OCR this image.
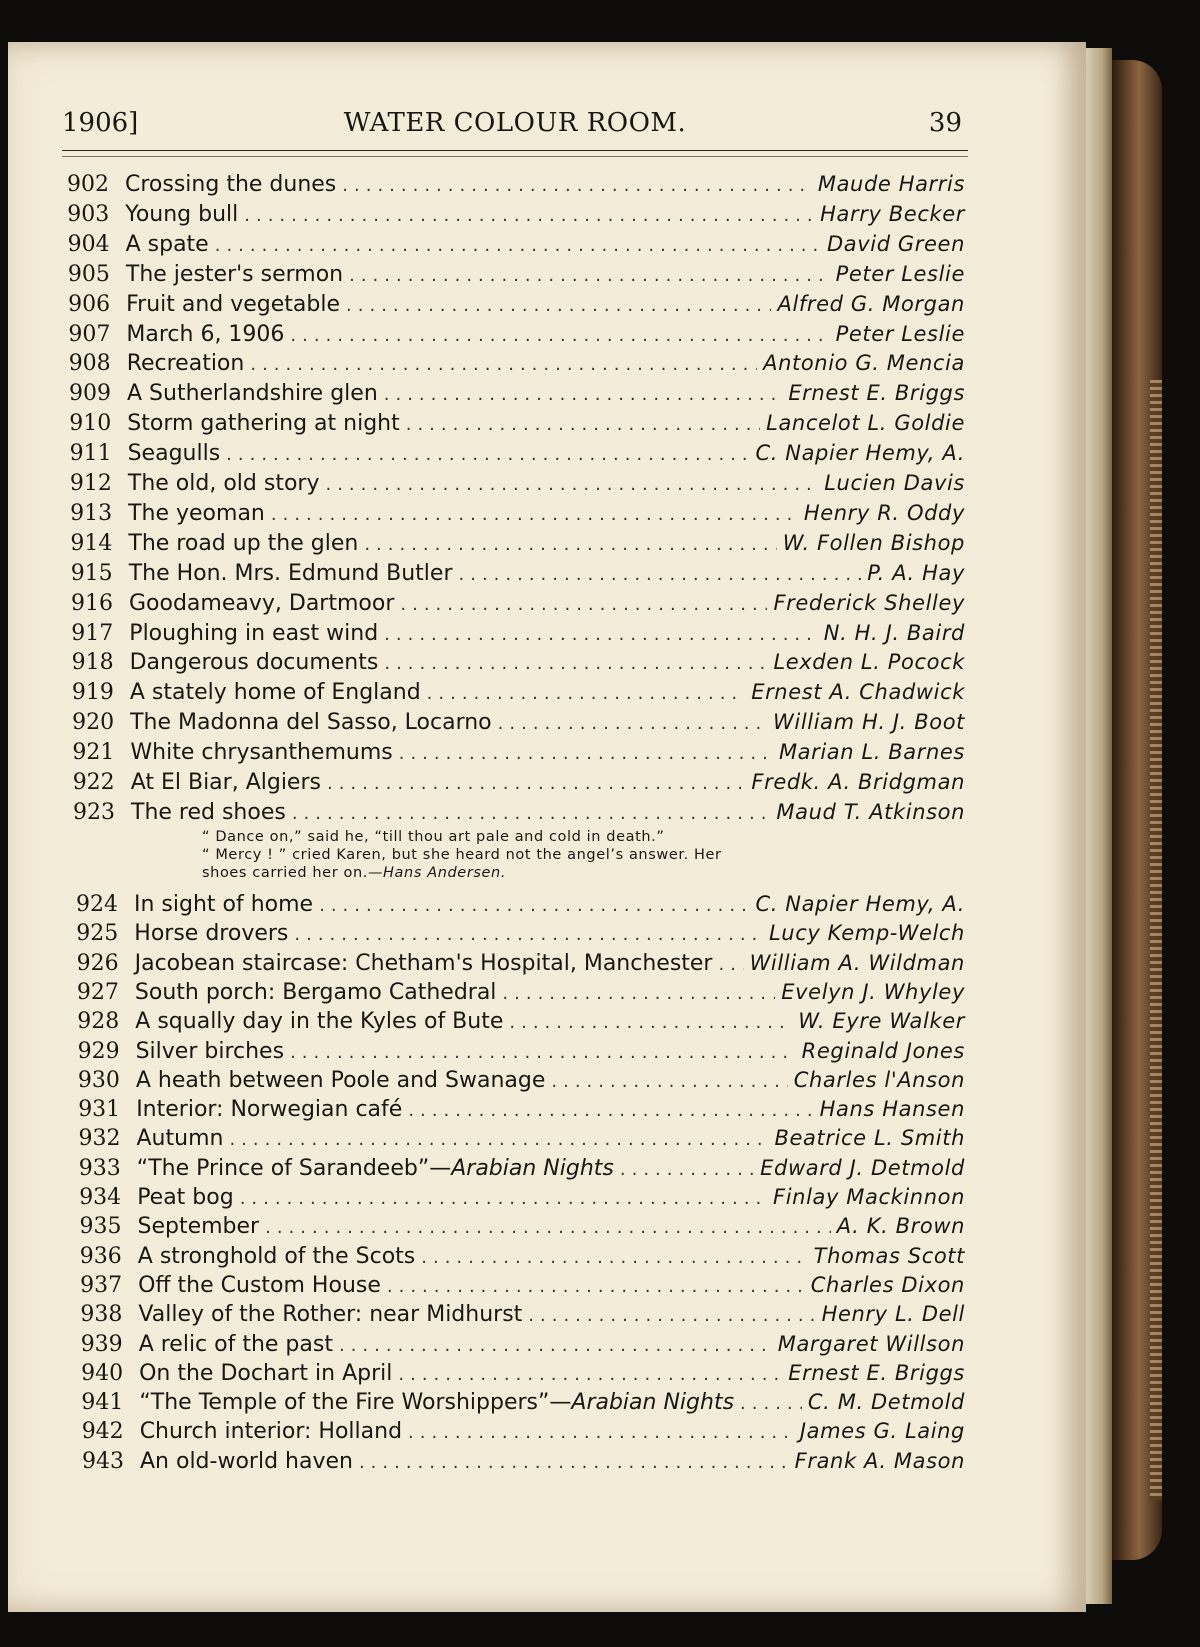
1906]	WATER COLOUR ROOM.	39
902 Crossing the dunes .....	Maude Harris
903 Young bull .....	Harry Becker
904 A spate .....	David Green
905 The jester's sermon .....	Peter Leslie
906 Fruit and vegetable .....	Alfred G. Morgan
907 March 6, 1906 .....	Peter Leslie
908 Recreation .....	Antonio G. Mencia
909 A Sutherlandshire glen .....	Ernest E. Briggs
910 Storm gathering at night .....	Lancelot L. Goldie
911 Seagulls .....	C. Napier Hemy, A.
912 The old, old story .....	Lucien Davis
913 The yeoman .....	Henry R. Oddy
914 The road up the glen .....	W. Follen Bishop
915 The Hon. Mrs. Edmund Butler .....	P. A. Hay
916 Goodameavy, Dartmoor .....	Frederick Shelley
917 Ploughing in east wind .....	N. H. J. Baird
918 Dangerous documents .....	Lexden L. Pocock
919 A stately home of England .....	Ernest A. Chadwick
920 The Madonna del Sasso, Locarno .....	William H. J. Boot
921 White chrysanthemums .....	Marian L. Barnes
922 At El Biar, Algiers .....	Fredk. A. Bridgman
923 The red shoes .....	Maud T. Atkinson
924 In sight of home .....	C. Napier Hemy, A.
925 Horse drovers .....	Lucy Kemp-Welch
926 Jacobean staircase: Chetham's Hospital, Manchester ..... William A. Wildman
927 South porch: Bergamo Cathedral .....	Evelyn J. Whyley
928 A squally day in the Kyles of Bute .....	W. Eyre Walker
929 Silver birches .....	Reginald Jones
930 A heath between Poole and Swanage .....	Charles l'Anson
931 Interior: Norwegian café .....	Hans Hansen
932 Autumn .....	Beatrice L. Smith
933 “The Prince of Sarandeeb”—Arabian Nights .....	Edward J. Detmold
934 Peat bog .....	Finlay Mackinnon
935 September .....	A. K. Brown
936 A stronghold of the Scots .....	Thomas Scott
937 Off the Custom House .....	Charles Dixon
938 Valley of the Rother: near Midhurst .....	Henry L. Dell
939 A relic of the past .....	Margaret Willson
940 On the Dochart in April .....	Ernest E. Briggs
941 “The Temple of the Fire Worshippers”—Arabian Nights .....	C. M. Detmold
942 Church interior: Holland .....	James G. Laing
943 An old-world haven .....	Frank A. Mason
“ Dance on,” said he, “till thou art pale and cold in death.”
“ Mercy ! ” cried Karen, but she heard not the angel’s answer. Her
shoes carried her on.—Hans Andersen.
